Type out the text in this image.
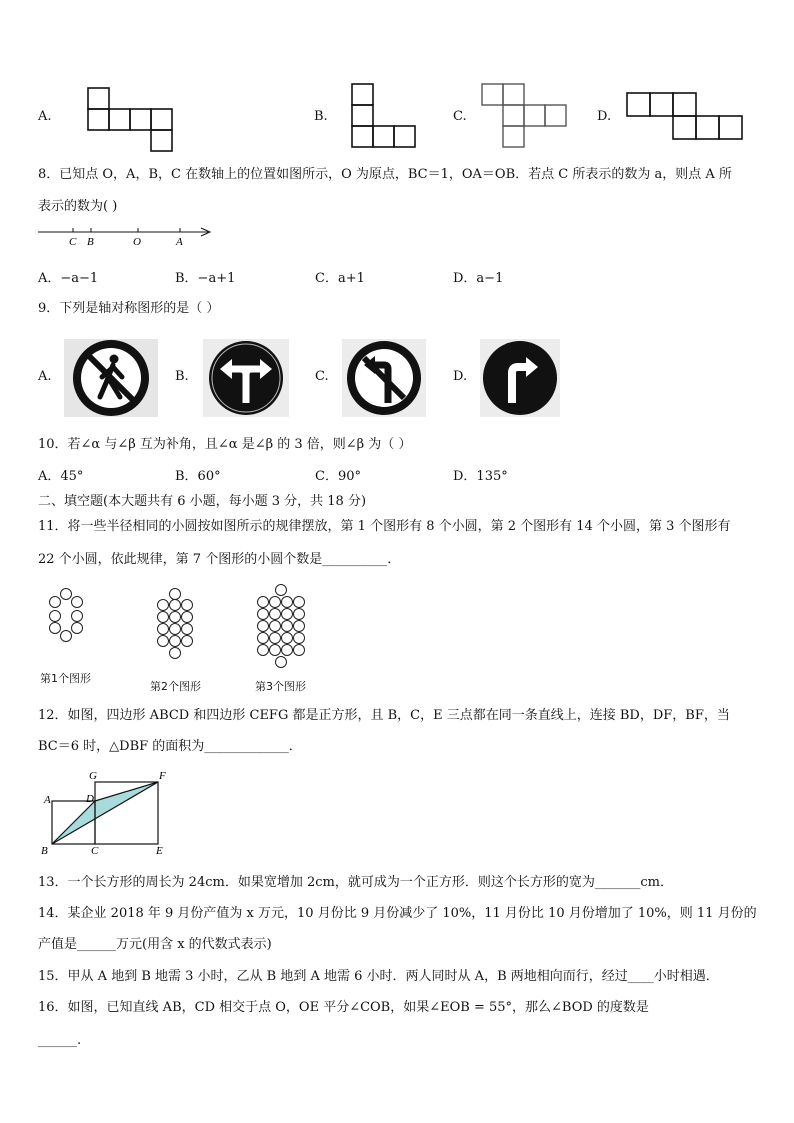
A.	B.	C.	D.
8．已知点 O，A，B，C 在数轴上的位置如图所示，O 为原点，BC＝1，OA＝OB．若点 C 所表示的数为 a，则点 A 所
表示的数为( )
C B	O	A
A．−a−1	B．−a+1	C．a+1	D．a−1
9．下列是轴对称图形的是（ ）
A.	B.	C.	D.
10．若∠α 与∠β 互为补角，且∠α 是∠β 的 3 倍，则∠β 为（ ）
A．45°	B．60°	C．90°	D．135°
二、填空题(本大题共有 6 小题，每小题 3 分，共 18 分)
11．将一些半径相同的小圆按如图所示的规律摆放，第 1 个图形有 8 个小圆，第 2 个图形有 14 个小圆，第 3 个图形有
22 个小圆，依此规律，第 7 个图形的小圆个数是__________．
第1个图形
第2个图形	第3个图形
12．如图，四边形 ABCD 和四边形 CEFG 都是正方形，且 B，C，E 三点都在同一条直线上，连接 BD，DF，BF，当
BC＝6 时，△DBF 的面积为_____________．
G	F
A	D
B	C	E
13．一个长方形的周长为 24cm．如果宽增加 2cm，就可成为一个正方形．则这个长方形的宽为_______cm．
14．某企业 2018 年 9 月份产值为 x 万元，10 月份比 9 月份减少了 10%，11 月份比 10 月份增加了 10%，则 11 月份的
产值是______万元(用含 x 的代数式表示)
15．甲从 A 地到 B 地需 3 小时，乙从 B 地到 A 地需 6 小时．两人同时从 A，B 两地相向而行，经过____小时相遇．
16．如图，已知直线 AB，CD 相交于点 O，OE 平分∠COB，如果∠EOB = 55°，那么∠BOD 的度数是
______.
